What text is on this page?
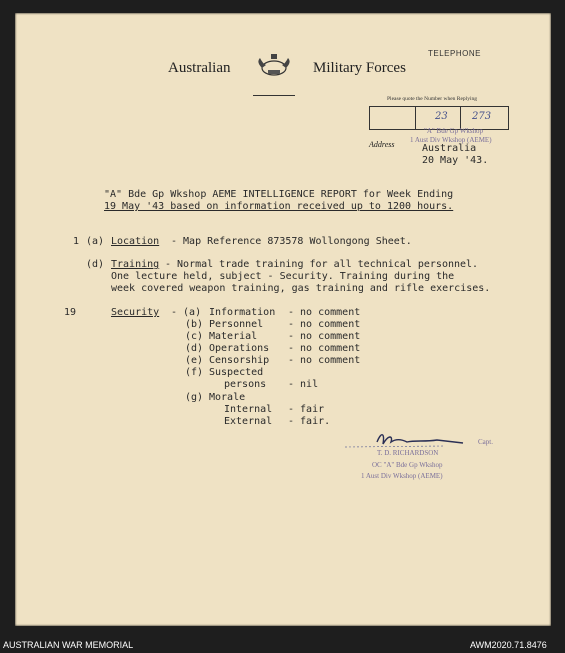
Australian	Military Forces
TELEPHONE
Please quote the Number when Replying
23 273
"A" Bde Gp Wkshop
1 Aust Div Wkshop (AEME)
Address	Australia
20 May '43.
"A" Bde Gp Wkshop AEME INTELLIGENCE REPORT for Week Ending
19 May '43 based on information received up to 1200 hours.
1 (a) Location - Map Reference 873578 Wollongong Sheet.
(d) Training - Normal trade training for all technical personnel.
One lecture held, subject - Security. Training during the
week covered weapon training, gas training and rifle exercises.
19	Security - (a) Information - no comment
(b) Personnel - no comment
(c) Material	- no comment
(d) Operations - no comment
(e) Censorship - no comment
(f) Suspected
persons - nil
(g) Morale
Internal - fair
External - fair.
Capt.
T. D. RICHARDSON
OC "A" Bde Gp Wkshop
1 Aust Div Wkshop (AEME)
AUSTRALIAN WAR MEMORIAL	AWM2020.71.8476
